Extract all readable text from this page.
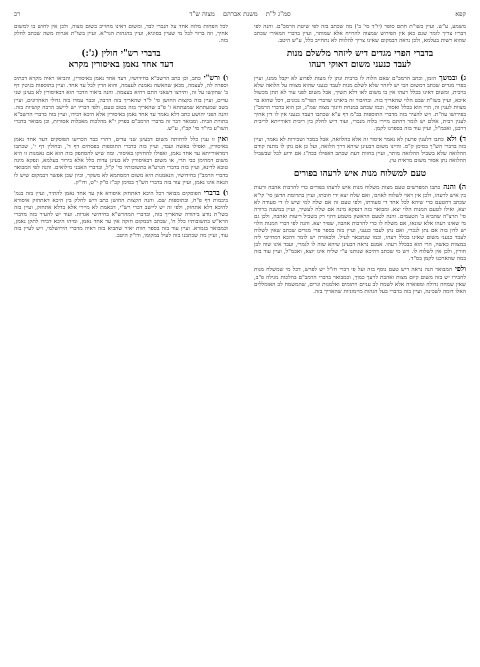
קפא
סמ"ג ל"ת    משנת אברהם    מצוה ש"ד
רכ
משמע, ע"ש. ועיין בשו"ת חתם סופר (יו"ד סי' ב') מה שכתב בזה לפי שיטת הרמב"ם. והנה לפי דבריו צריך לומר שגם כאן אין הפירוש שמצוה להרויח אלא שמותר, ועיין בדברי המאירי שכתב שהוא רשות בעלמא, ולכן נראה דבמקום שאינו צריך להלוות לא נתחייב כלל, ע"ש היטב.
בדברי הפרי מגדים דיש ליזהר מלשלם מנות
לעבד כנעני משום דאוקי רעהו
ג) ובמשךהזמן, וכתב הרמב"ם שאם הלוה לו ברבית ונתן לו מעות לפרוע לא יקבל ממנו, ועיין בפרי מגדים שכתב דמשום הכי יש ליזהר שלא לשלם מנות לעבד כנעני שהוא מצווה על הלואה שלא ברבית, ומשום דאינו בכלל רעהו אין בו משום לאו דלא תשיך, אבל משום לפני עור לא תתן מכשול איכא, ועיין בשו"ת שבט הלוי שהאריך בזה. ובחיבור זה ביארנו שדברי הפר"מ נכונים, דכל שהוא בר מצוות לענין זה, הרי הוא בכלל ואסור, וכמו שכתב במנחת חינוך מצוה שמ"ג, וכן הוא בדברי הרמב"ן בפירושו עה"ת. ויש להעיר בזה מדברי התוספות בב"מ דף ע"א שכתבו דעבד כנעני אין לו דין אחיך לענין רבית, אולם יש לומר דהתם מיירי בלוה מנכרי, ועוד דיש לחלק בין ריבית דאורייתא לריבית דרבנן, ואכמ"ל, ועיין עוד בזה בספרנו לקמן.
ד) ולאכתבו דלענין פרעון לא נאמר איסור זה אלא בהלוואה, אבל במכר ושכירות לא נאמר, ועיין בזה בדברי הש"ך בסימן ק"ס. והיינו משום דבעינן שיהא דרך הלואה, ועל כן אם נתן לו מתנה קודם ההלואה שלא בשביל ההלואה מותר, ועיין בחוות דעת שכתב דאפילו בכה"ג אם ידוע לכל שבשביל ההלואה נתן אסור משום מראית עין.
טעם למשלוח מנות איש לרעהו בפורים
ה) והנהכתבו המפרשים טעם מצות משלוח מנות איש לרעהו בפורים כדי להרבות אהבה ורעות בין איש לרעהו, ולכן אין ראוי לשלוח לאויבו, ואם שלח יצא ידי חובתו, ועיין בתרומת הדשן סי' קי"א שכתב דהטעם כדי שיהא לכל אחד די סעודתו, ולפי טעם זה אם שלח למי שיש לו די סעודה לא יצא, ואילו לטעם המנות הלוי יצא. ומבואר בזה דנפקא מינה אם שלח לעשיר, ועיין במשנה ברורה סי' תרצ"ה שהביא ב' הטעמים. והנה לטעם הראשון משמע דהוי רק בשביל ריעות ואהבה, ולכן גם מי שאינו רעהו אלא שונאו, אם משלח לו כדי להרבות אהבה, שפיר יצא. והנה לפי דברי המנות הלוי יש לדון בזה אם נתן לנכרי, ואם נתן לעבד כנעני, ועיין בזה בספר פרי מגדים שכתב שאין לשלוח לעבד כנעני משום שאינו בכלל רעהו, וכמו שנתבאר לעיל. ולכאורה יש לומר דהכא דמחייבי ליה במצוות כאשה, הרי הוא כבכלל רעהו. אמנם נראה דבעינן שיהא שוה לו לגמרי, ועבד אינו שוה לבן חורין, ולכן אין לשלוח לו. ויש מי שכתב דהיכא שנותנו ע"י שליח אינו יוצא, ואכמ"ל, ועיין עוד בזה במה שהארכנו לקמן בס"ד.
ולפיהמבואר הנה נראה דיש טעם נוסף בזה ועל פי דברי חז"ל יש לפרש, דכל מי שמשלח מנות לחבירו יש בזה משום קיום מצות ואהבת לרעך כמוך, וכמבואר בדברי הרמב"ם בהלכות מגילה פ"ב, שאין שמחה גדולה ומפוארה אלא לשמח לב עניים ויתומים ואלמנות וגרים, שהמשמח לב האומללים האלו דומה לשכינה, ועיין בזה בדברי בעל הגהות מיימוניות שהאריך בזה.
לכל הפחות מלוה אחד על הנכרי לבד, ומשום דאינו מחוייב בשום מצוה, ולכן אין לחוש בו למשום אחיך, וזה ברור לכל מי שעיין בסוגיא, ועיין בהגהות הגר"א. ועיין בשו"ת אגרות משה שכתב לחלק בזה.
בדברי רש"י חולין (ג':)
דעד אחד נאמן באיסורין מקרא
ו) ורש"יכתב, וכן כתב הרשב"א בחידושיו, דעד אחד נאמן באיסורין, והביאו ראיה מקרא דכתיב וספרה לה, לעצמה, מכאן שהאשה נאמנת לעצמה, והוא הדין לכל עד אחד. ועיין בתוספות בגיטין דף ב' שהקשו על זה, ותירצו דשאני התם דהיא בעצמה. והנה ביאור הדבר הוא דבאיסורין לא בעינן שני עדים, ועיין בזה בקצות החושן סי' ל"ד שהאריך בזה הרבה, וכבר עמדו בזה גדולי האחרונים, ועיין בשב שמעתתא שמעתתא ו' פ"ב שהאריך בזה בטוב טעם, ולפי דבריו יש ליישב הרבה קושיות בזה. והנה הפני יהושע כתב דלא נאמר עד אחד נאמן באיסורין אלא היכא דבידו, ועיין בזה בדברי הרשב"א בתורת הבית. ומבואר דבר זה בדברי הרמב"ם בפרק י"א מהלכות מאכלות אסורות, וכן מבואר בדברי השו"ע ביו"ד סי' קכ"ז, ע"ש.
ואיןזו ענין כלל לדחותה משום דבעינן שני עדים, דהרי כבר הכריעו הפוסקים דעד אחד נאמן באיסורין, ואפילו באשה ועבד, ועיין בזה בדברי התוספות בפסחים דף ד', ובחולין דף י', שכתבו דמדאורייתא עד אחד נאמן, ואפילו להחזיקו באיסור. ומה שיש להסתפק בזה הוא אם נאמנות זו היא משום דמהימן כבי תרי, או משום דבאיסורין לא בעינן עדות כלל אלא בירור בעלמא, ונפקא מינה טובא לדינא, ועיין בזה בדברי הגרע"א בתשובותיו סי' ק"ל, ובדברי האבני מילואים. והנה לפי המבואר בדברי הרמב"ן בחידושיו, הנאמנות היא משום דמסתמא לא משקר, וכיון שכן אפשר דבמקום שיש לו הנאה אינו נאמן, ועיין עוד בזה בדברי הש"ך בסימן קכ"ז ס"ק י"ט, ודו"ק.
ו) בדבריהפוסקים מבואר דכל היכא דאתחזק איסורא אין עד אחד נאמן להתיר, ועיין בזה בגמ' ביבמות דף פ"ח, ובתוספות שם. והנה הקצות החושן כתב דיש לחלק בין היכא דאתחזק איסורא להיכא דלא אתחזק, ולפי זה יש ליישב דברי רש"י, דבאמת לא מיירי אלא בדלא אתחזק, ועיין בזה בשו"ת נודע ביהודה שהאריך בזה, ובדברי המהרש"א בחידושי אגדות. ועוד יש להעיר בזה מדברי הרא"ש בתשובותיו כלל ח', שכתב דבמקום חזקה אין עד אחד נאמן, ומיהו היכא דבידו לתקן נאמן, וכמבואר בגמרא. ועיין עוד בזה בספר חוות יאיר שהביא בזה ראיה מדברי הירושלמי, ויש לעיין בזה עוד, ועיין מה שכתבנו בזה לעיל במקומו, ודו"ק היטב.
